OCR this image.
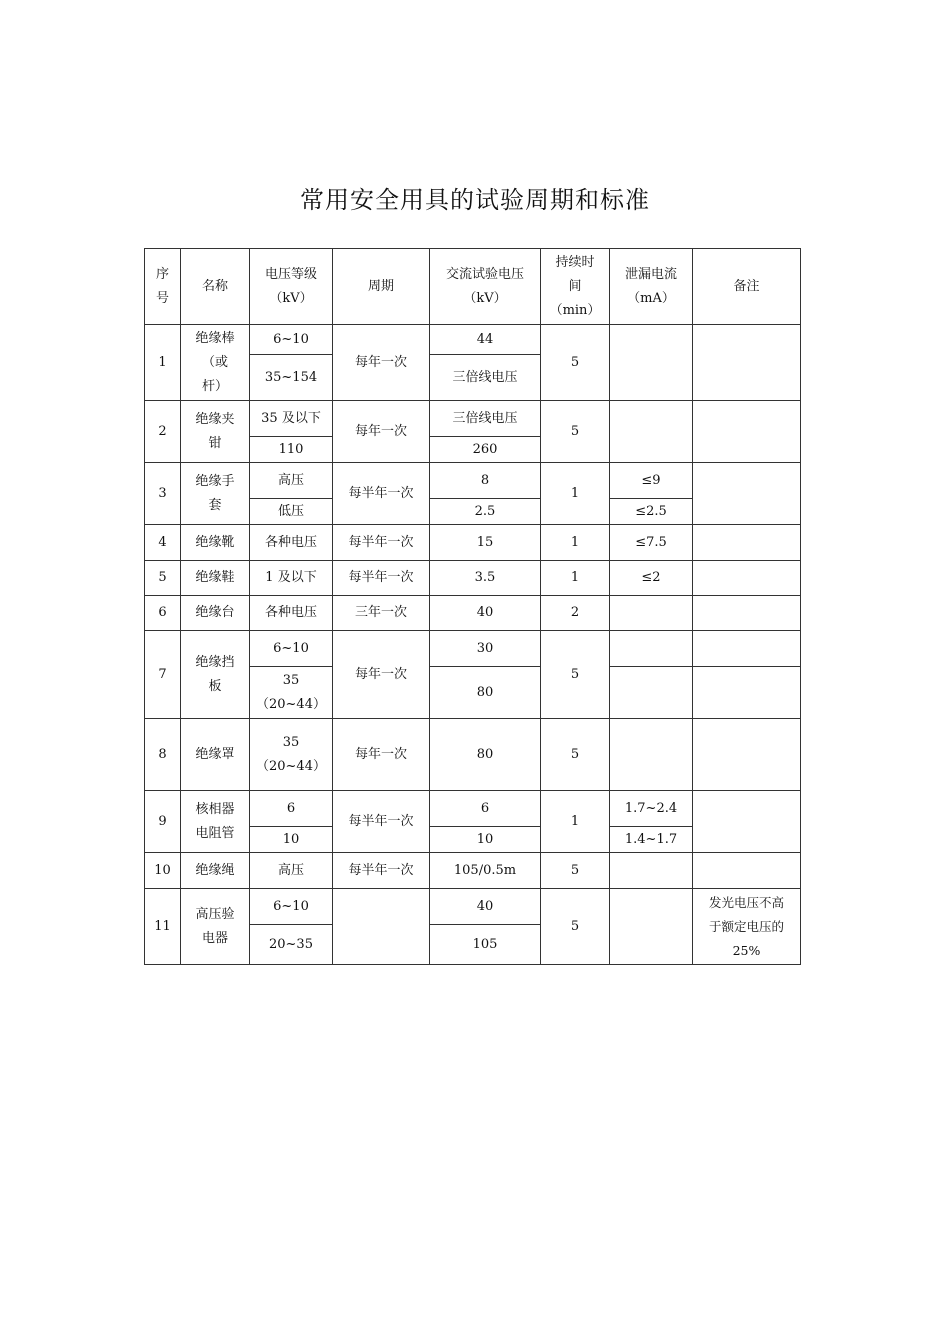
常用安全用具的试验周期和标准
序
号	名称	电压等级
（kV）	周期	交流试验电压
（kV）	持续时
间
（min）	泄漏电流
（mA）	备注
1	绝缘棒
（或
杆）	6~10	每年一次	44	5		
		35~154		三倍线电压			
2	绝缘夹
钳	35 及以下	每年一次	三倍线电压	5		
		110		260			
3	绝缘手
套	高压	每半年一次	8	1	≤9	
		低压		2.5		≤2.5	
4	绝缘靴	各种电压	每半年一次	15	1	≤7.5	
5	绝缘鞋	1 及以下	每半年一次	3.5	1	≤2	
6	绝缘台	各种电压	三年一次	40	2		
7	绝缘挡
板	6~10	每年一次	30	5		
		35
（20~44）		80			
8	绝缘罩	35
（20~44）	每年一次	80	5		
9	核相器
电阻管	6	每半年一次	6	1	1.7~2.4	
		10		10		1.4~1.7	
10	绝缘绳	高压	每半年一次	105/0.5m	5		
11	高压验
电器	6~10		40	5		发光电压不高
于额定电压的
25%
		20~35		105			
